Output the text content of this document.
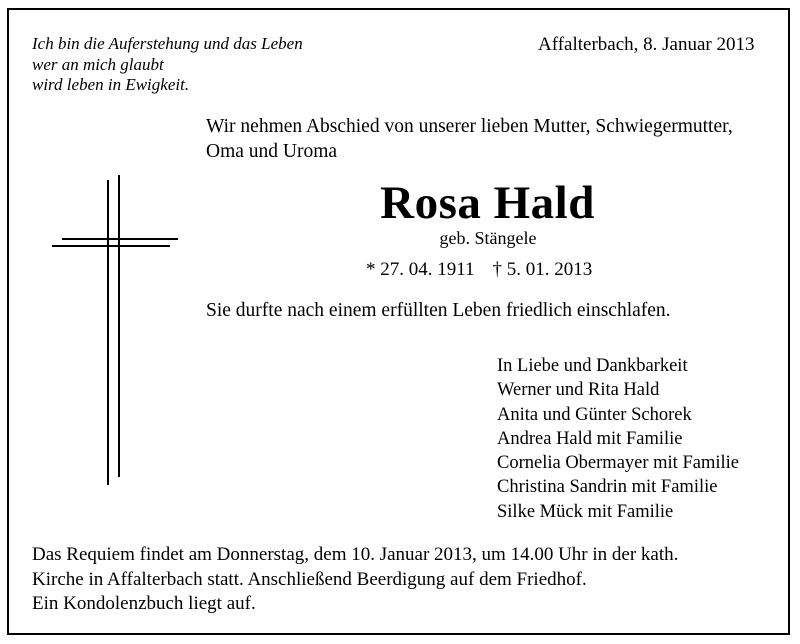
Ich bin die Auferstehung und das Leben
wer an mich glaubt
wird leben in Ewigkeit.
Affalterbach, 8. Januar 2013
Wir nehmen Abschied von unserer lieben Mutter, Schwiegermutter,
Oma und Uroma
Rosa Hald
geb. Stängele
* 27. 04. 1911 † 5. 01. 2013
Sie durfte nach einem erfüllten Leben friedlich einschlafen.
In Liebe und Dankbarkeit
Werner und Rita Hald
Anita und Günter Schorek
Andrea Hald mit Familie
Cornelia Obermayer mit Familie
Christina Sandrin mit Familie
Silke Mück mit Familie
Das Requiem findet am Donnerstag, dem 10. Januar 2013, um 14.00 Uhr in der kath.
Kirche in Affalterbach statt. Anschließend Beerdigung auf dem Friedhof.
Ein Kondolenzbuch liegt auf.
